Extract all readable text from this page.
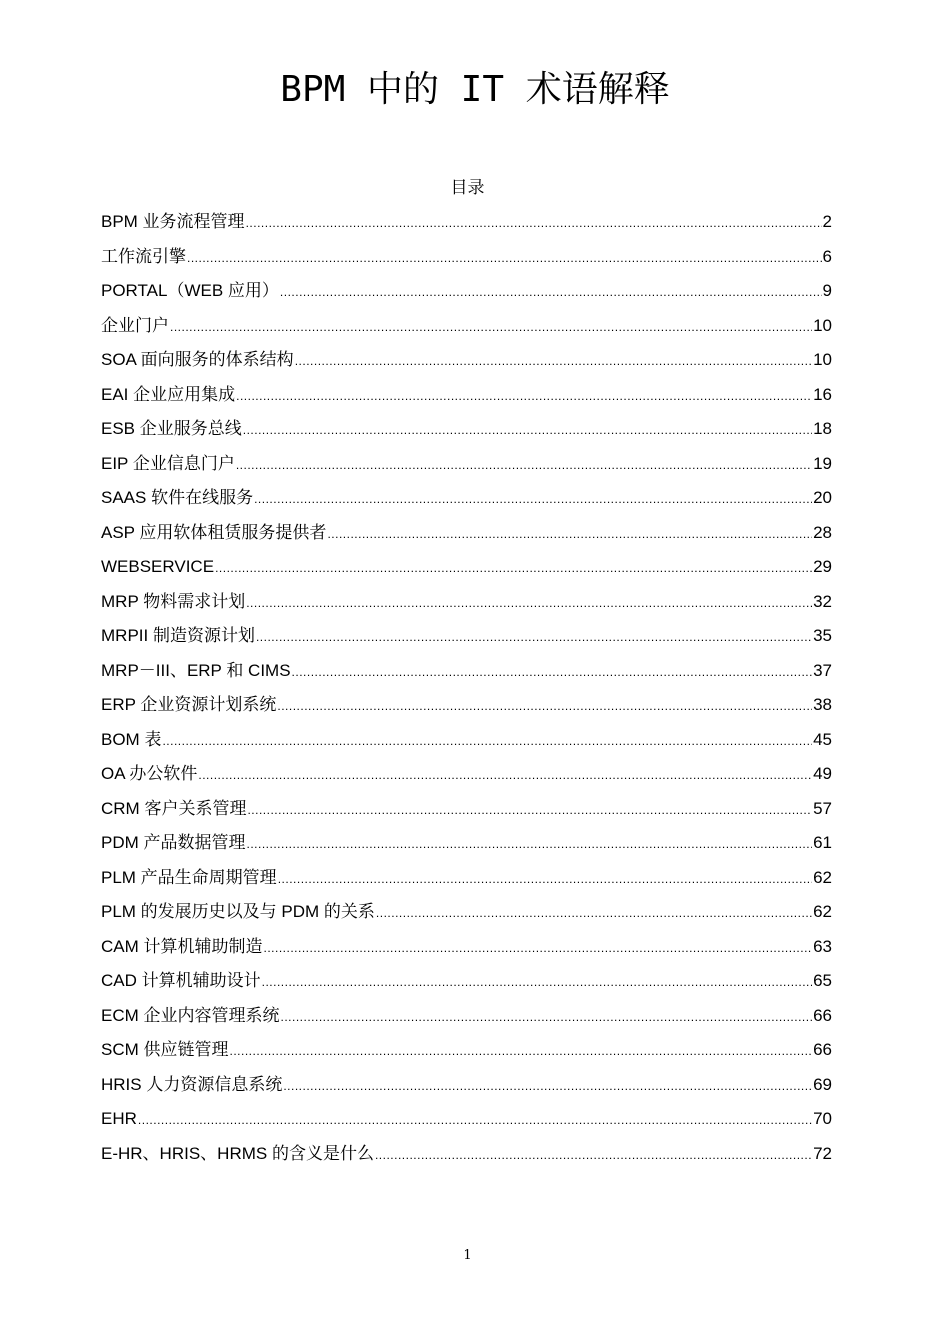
BPM 中的 IT 术语解释
目录
BPM 业务流程管理 .....	2
工作流引擎 .....	6
PORTAL（WEB 应用） .....	9
企业门户 .....	10
SOA 面向服务的体系结构 .....	10
EAI 企业应用集成 .....	16
ESB 企业服务总线 .....	18
EIP 企业信息门户 .....	19
SAAS 软件在线服务 .....	20
ASP 应用软体租赁服务提供者 .....	28
WEBSERVICE .....	29
MRP 物料需求计划 .....	32
MRPII 制造资源计划 .....	35
MRP－III、ERP 和 CIMS .....	37
ERP 企业资源计划系统 .....	38
BOM 表 .....	45
OA 办公软件 .....	49
CRM 客户关系管理 .....	57
PDM 产品数据管理 .....	61
PLM 产品生命周期管理 .....	62
PLM 的发展历史以及与 PDM 的关系 .....	62
CAM 计算机辅助制造 .....	63
CAD 计算机辅助设计 .....	65
ECM 企业内容管理系统 .....	66
SCM 供应链管理 .....	66
HRIS 人力资源信息系统 .....	69
EHR .....	70
E-HR、HRIS、HRMS 的含义是什么 .....	72
1
